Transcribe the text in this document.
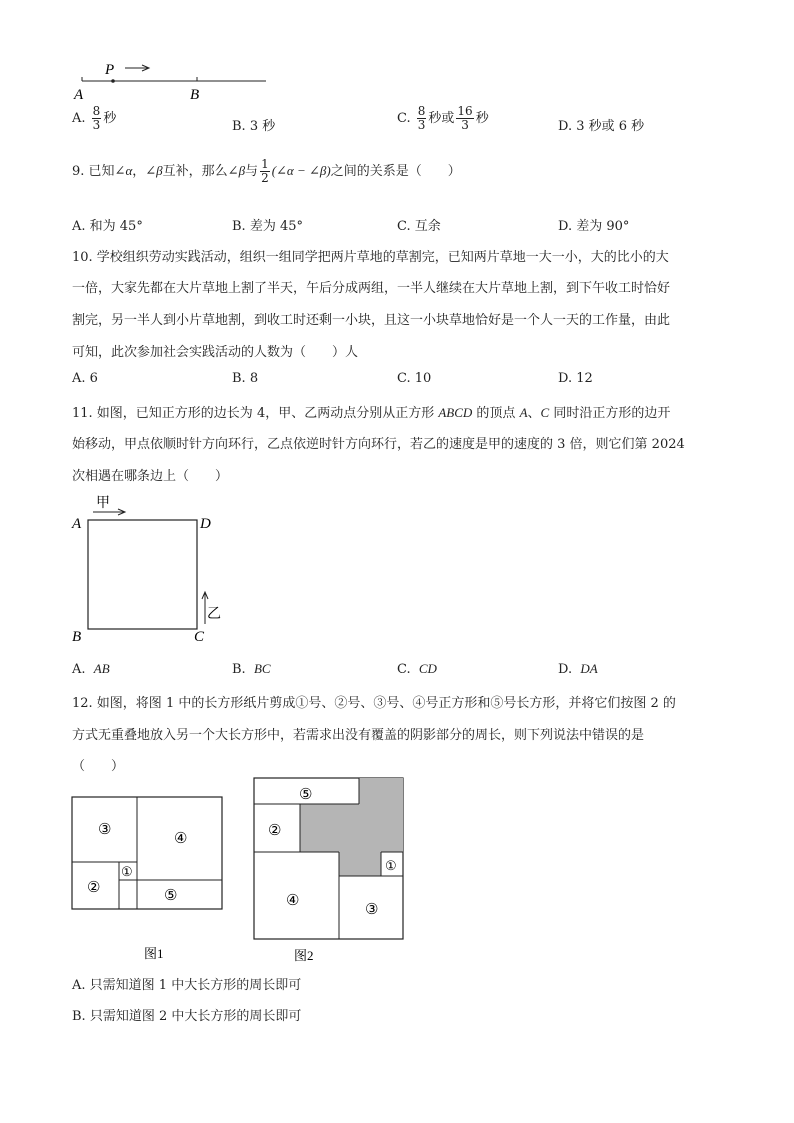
P
A	B
A. $\frac{8}{3}$ 秒
B. 3 秒
C. $\frac{8}{3}$ 秒或 $\frac{16}{3}$ 秒
D. 3 秒或 6 秒
9. 已知∠α，∠β互补，那么∠β与 $\frac{1}{2}$ (∠α − ∠β)之间的关系是（　　）
A. 和为 45°	B. 差为 45°	C. 互余	D. 差为 90°
10. 学校组织劳动实践活动，组织一组同学把两片草地的草割完，已知两片草地一大一小，大的比小的大
一倍，大家先都在大片草地上割了半天，午后分成两组，一半人继续在大片草地上割，到下午收工时恰好
割完，另一半人到小片草地割，到收工时还剩一小块，且这一小块草地恰好是一个人一天的工作量，由此
可知，此次参加社会实践活动的人数为（　　）人
A. 6	B. 8	C. 10	D. 12
11. 如图，已知正方形的边长为 4，甲、乙两动点分别从正方形 ABCD 的顶点 A、C 同时沿正方形的边开
始移动，甲点依顺时针方向环行，乙点依逆时针方向环行，若乙的速度是甲的速度的 3 倍，则它们第 2024
次相遇在哪条边上（　　）
甲
乙
A	D
B	C
A. AB	B. BC	C. CD	D. DA
12. 如图，将图 1 中的长方形纸片剪成①号、②号、③号、④号正方形和⑤号长方形，并将它们按图 2 的
方式无重叠地放入另一个大长方形中，若需求出没有覆盖的阴影部分的周长，则下列说法中错误的是
（　　）
③
④
②
①
⑤
图1
⑤
②
①
④
③
图2
A. 只需知道图 1 中大长方形的周长即可
B. 只需知道图 2 中大长方形的周长即可
